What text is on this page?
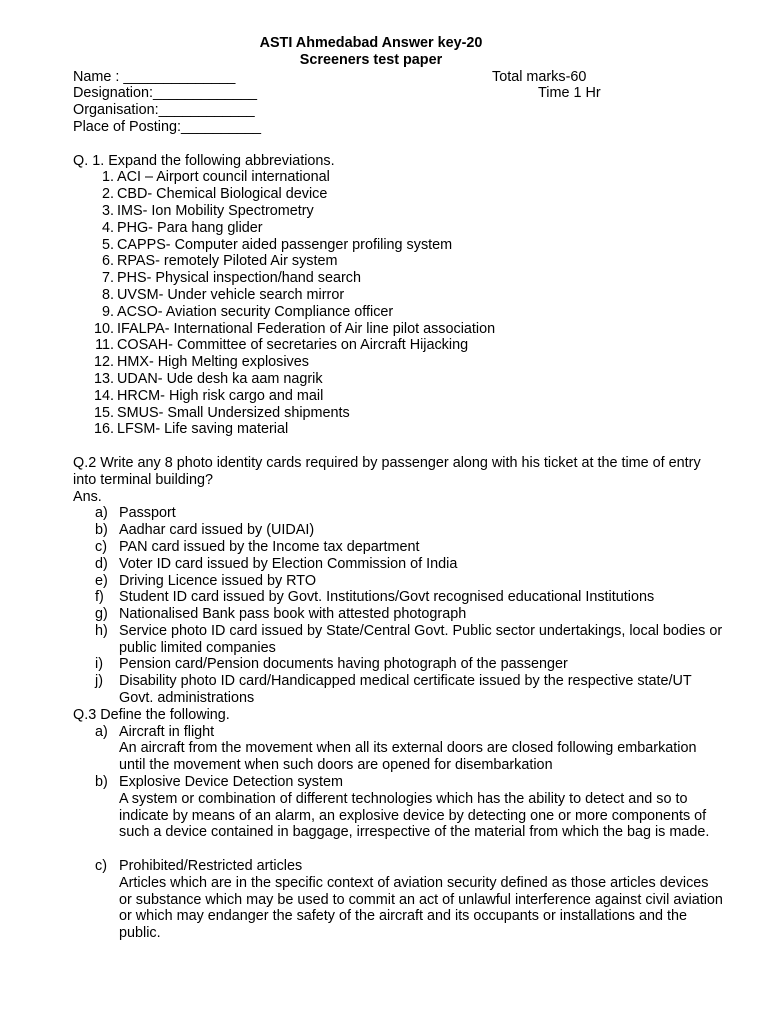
ASTI Ahmedabad Answer key-20
Screeners test paper
Name : ______________	Total marks-60
Designation:_____________	Time 1 Hr
Organisation:____________
Place of Posting:__________
Q. 1. Expand the following abbreviations.
1. ACI – Airport council international
2. CBD- Chemical Biological device
3. IMS- Ion Mobility Spectrometry
4. PHG- Para hang glider
5. CAPPS- Computer aided passenger profiling system
6. RPAS- remotely Piloted Air system
7. PHS- Physical inspection/hand search
8. UVSM- Under vehicle search mirror
9. ACSO- Aviation security Compliance officer
10. IFALPA- International Federation of Air line pilot association
11. COSAH- Committee of secretaries on Aircraft Hijacking
12. HMX- High Melting explosives
13. UDAN- Ude desh ka aam nagrik
14. HRCM- High risk cargo and mail
15. SMUS- Small Undersized shipments
16. LFSM- Life saving material
Q.2 Write any 8 photo identity cards required by passenger along with his ticket at the time of entry into terminal building?
Ans.
a) Passport
b) Aadhar card issued by (UIDAI)
c) PAN card issued by the Income tax department
d) Voter ID card issued by Election Commission of India
e) Driving Licence issued by RTO
f)	Student ID card issued by Govt. Institutions/Govt recognised educational Institutions
g) Nationalised Bank pass book with attested photograph
h) Service photo ID card issued by State/Central Govt. Public sector undertakings, local bodies or public limited companies
i)	Pension card/Pension documents having photograph of the passenger
j)	Disability photo ID card/Handicapped medical certificate issued by the respective state/UT Govt. administrations
Q.3 Define the following.
a) Aircraft in flight
An aircraft from the movement when all its external doors are closed following embarkation until the movement when such doors are opened for disembarkation
b) Explosive Device Detection system
A system or combination of different technologies which has the ability to detect and so to indicate by means of an alarm, an explosive device by detecting one or more components of such a device contained in baggage, irrespective of the material from which the bag is made.
c) Prohibited/Restricted articles
Articles which are in the specific context of aviation security defined as those articles devices or substance which may be used to commit an act of unlawful interference against civil aviation or which may endanger the safety of the aircraft and its occupants or installations and the public.
